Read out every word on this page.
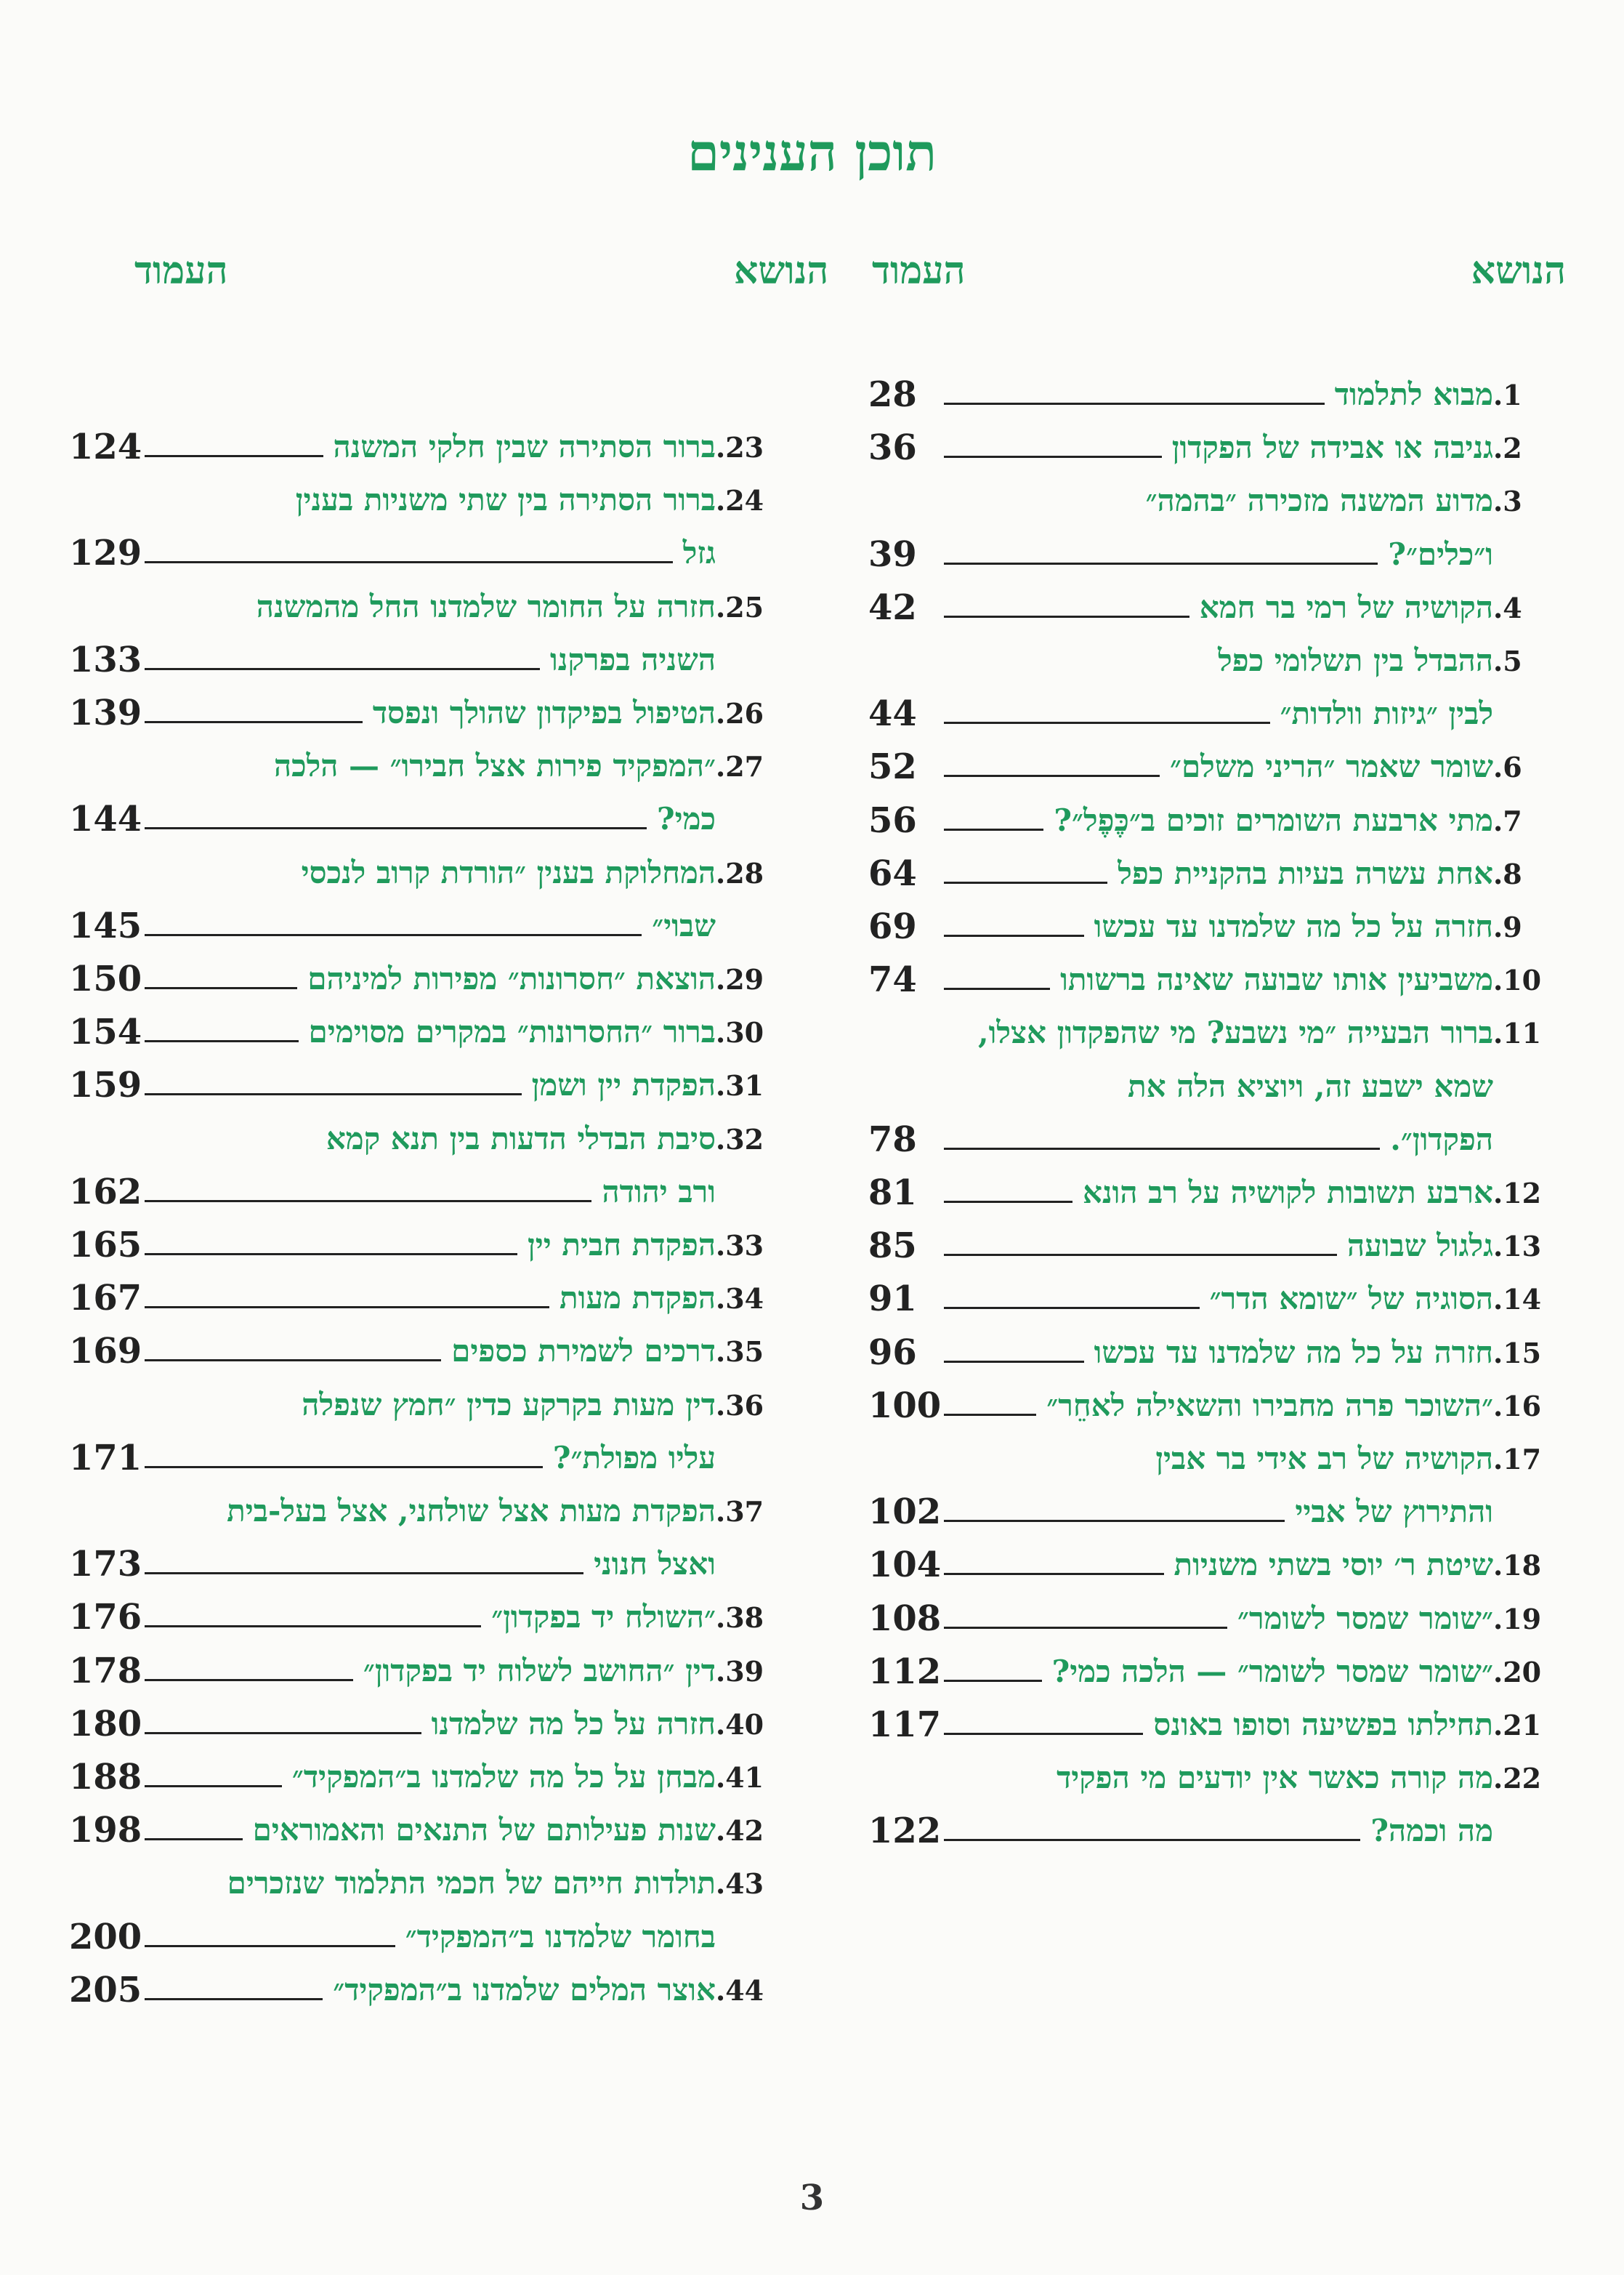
תוכן הענינים
הנושא
העמוד
הנושא
העמוד
.1
מבוא לתלמוד
28
.2
גניבה או אבידה של הפקדון
36
.3
מדוע המשנה מזכירה ״בהמה״
ו״כלים״?
39
.4
הקושיה של רמי בר חמא
42
.5
ההבדל בין תשלומי כפל
לבין ״גיזות וולדות״
44
.6
שומר שאמר ״הריני משלם״
52
.7
מתי ארבעת השומרים זוכים ב״כֶּפֶל״?
56
.8
אחת עשרה בעיות בהקניית כפל
64
.9
חזרה על כל מה שלמדנו עד עכשו
69
.10
משביעין אותו שבועה שאינה ברשותו
74
.11
ברור הבעייה ״מי נשבע? מי שהפקדון אצלו,
שמא ישבע זה, ויוציא הלה את
הפקדון״.
78
.12
ארבע תשובות לקושיה על רב הונא
81
.13
גלגול שבועה
85
.14
הסוגיה של ״שומא הדר״
91
.15
חזרה על כל מה שלמדנו עד עכשו
96
.16
״השוכר פרה מחבירו והשאילה לאחֵר״
100
.17
הקושיה של רב אידי בר אבין
והתירוץ של אביי
102
.18
שיטת ר׳ יוסי בשתי משניות
104
.19
״שומר שמסר לשומר״
108
.20
״שומר שמסר לשומר״ — הלכה כמי?
112
.21
תחילתו בפשיעה וסופו באונס
117
.22
מה קורה כאשר אין יודעים מי הפקיד
מה וכמה?
122
.23
ברור הסתירה שבין חלקי המשנה
124
.24
ברור הסתירה בין שתי משניות בענין
גזל
129
.25
חזרה על החומר שלמדנו החל מהמשנה
השניה בפרקנו
133
.26
הטיפול בפיקדון שהולך ונפסד
139
.27
״המפקיד פירות אצל חבירו״ — הלכה
כמי?
144
.28
המחלוקת בענין ״הורדת קרוב לנכסי
שבוי״
145
.29
הוצאת ״חסרונות״ מפירות למיניהם
150
.30
ברור ״החסרונות״ במקרים מסוימים
154
.31
הפקדת יין ושמן
159
.32
סיבת הבדלי הדעות בין תנא קמא
ורב יהודה
162
.33
הפקדת חבית יין
165
.34
הפקדת מעות
167
.35
דרכים לשמירת כספים
169
.36
דין מעות בקרקע כדין ״חמץ שנפלה
עליו מפולת״?
171
.37
הפקדת מעות אצל שולחני, אצל בעל-בית
ואצל חנוני
173
.38
״השולח יד בפקדון״
176
.39
דין ״החושב לשלוח יד בפקדון״
178
.40
חזרה על כל מה שלמדנו
180
.41
מבחן על כל מה שלמדנו ב״המפקיד״
188
.42
שנות פעילותם של התנאים והאמוראים
198
.43
תולדות חייהם של חכמי התלמוד שנזכרים
בחומר שלמדנו ב״המפקיד״
200
.44
אוצר המלים שלמדנו ב״המפקיד״
205
3
